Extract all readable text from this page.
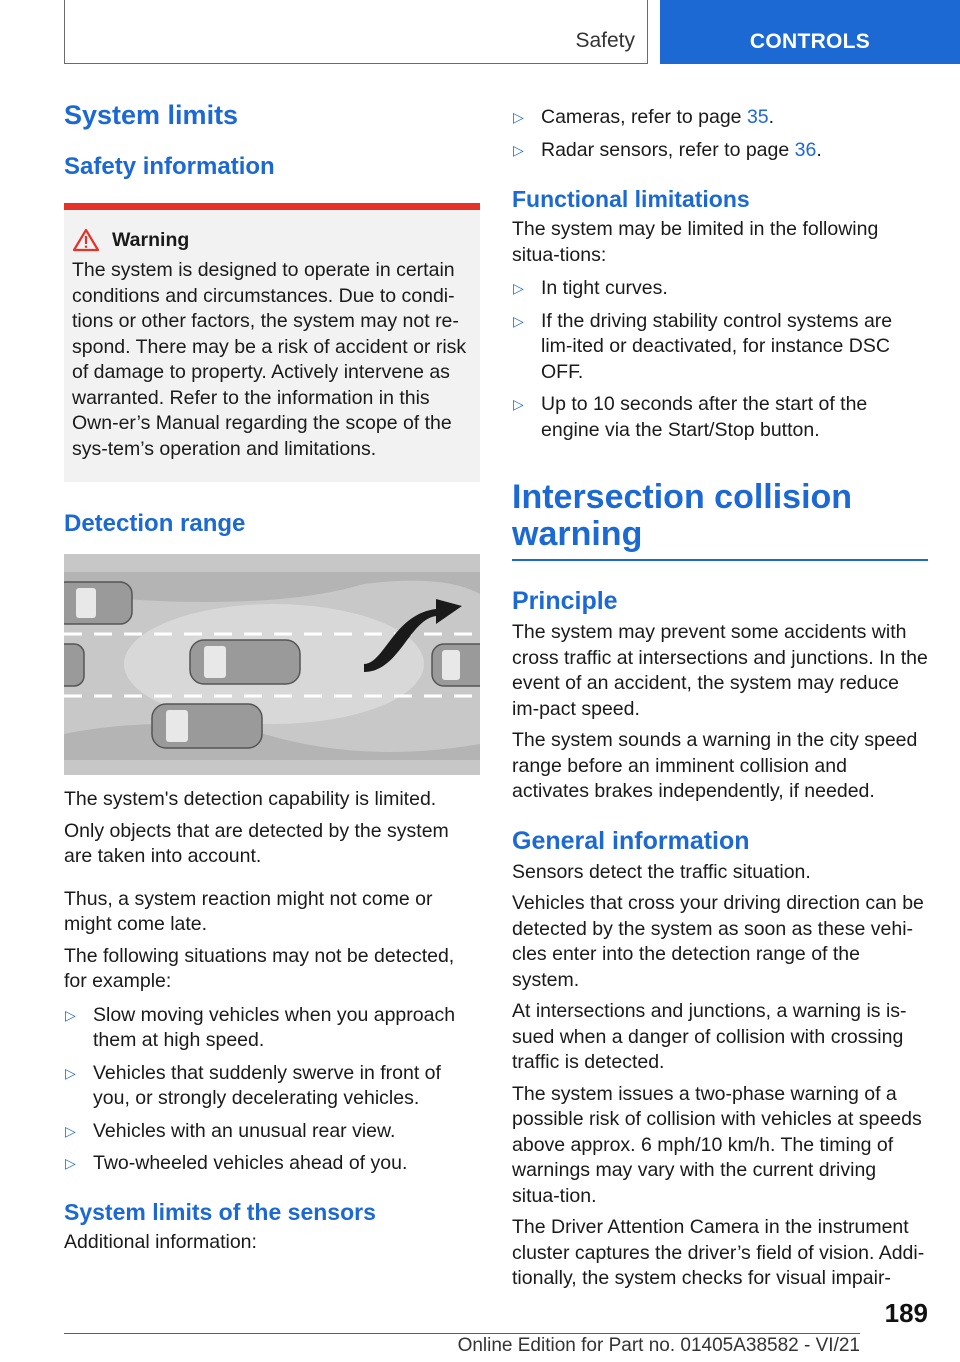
Safety	CONTROLS
System limits
Safety information
Warning

The system is designed to operate in certain conditions and circumstances. Due to condi-tions or other factors, the system may not re-spond. There may be a risk of accident or risk of damage to property. Actively intervene as warranted. Refer to the information in this Own-er’s Manual regarding the scope of the sys-tem’s operation and limitations.

Detection range

The system's detection capability is limited.

Only objects that are detected by the system are taken into account.

Thus, a system reaction might not come or might come late.

The following situations may not be detected, for example:

▷ Slow moving vehicles when you approach them at high speed.
▷ Vehicles that suddenly swerve in front of you, or strongly decelerating vehicles.
▷ Vehicles with an unusual rear view.
▷ Two-wheeled vehicles ahead of you.
System limits of the sensors

Additional information:

▷ Cameras, refer to page 35.
▷ Radar sensors, refer to page 36.
Functional limitations

The system may be limited in the following situa-tions:

▷ In tight curves.
▷ If the driving stability control systems are lim-ited or deactivated, for instance DSC OFF.
▷ Up to 10 seconds after the start of the engine via the Start/Stop button.
Intersection collision warning
Principle

The system may prevent some accidents with cross traffic at intersections and junctions. In the event of an accident, the system may reduce im-pact speed.

The system sounds a warning in the city speed range before an imminent collision and activates brakes independently, if needed.

General information

Sensors detect the traffic situation.

Vehicles that cross your driving direction can be detected by the system as soon as these vehi-cles enter into the detection range of the system.

At intersections and junctions, a warning is is-sued when a danger of collision with crossing traffic is detected.

The system issues a two-phase warning of a possible risk of collision with vehicles at speeds above approx. 6 mph/10 km/h. The timing of warnings may vary with the current driving situa-tion.

The Driver Attention Camera in the instrument cluster captures the driver’s field of vision. Addi-tionally, the system checks for visual impair-

189
Online Edition for Part no. 01405A38582 - VI/21
